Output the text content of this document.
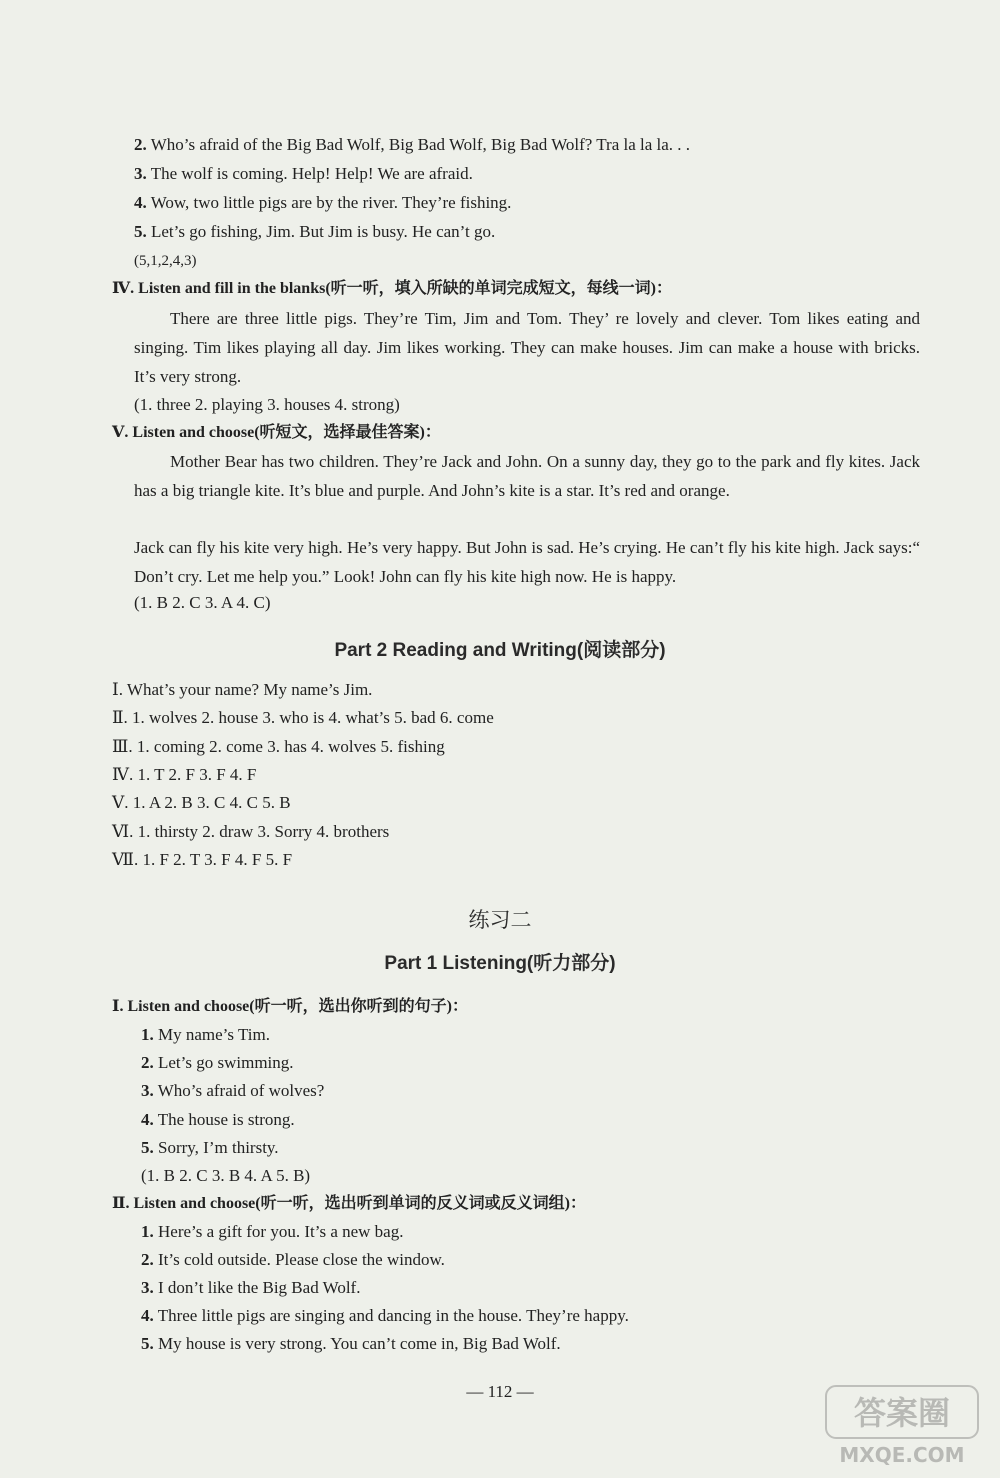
2. Who’s afraid of the Big Bad Wolf, Big Bad Wolf, Big Bad Wolf? Tra la la la. . .
3. The wolf is coming. Help! Help! We are afraid.
4. Wow, two little pigs are by the river. They’re fishing.
5. Let’s go fishing, Jim. But Jim is busy. He can’t go.
(5,1,2,4,3)
Ⅳ. Listen and fill in the blanks(听一听，填入所缺的单词完成短文，每线一词)：
There are three little pigs. They’re Tim, Jim and Tom. They’ re lovely and clever. Tom likes eating and singing. Tim likes playing all day. Jim likes working. They can make houses. Jim can make a house with bricks. It’s very strong.
(1. three 2. playing 3. houses 4. strong)
Ⅴ. Listen and choose(听短文，选择最佳答案)：
Mother Bear has two children. They’re Jack and John. On a sunny day, they go to the park and fly kites. Jack has a big triangle kite. It’s blue and purple. And John’s kite is a star. It’s red and orange.
Jack can fly his kite very high. He’s very happy. But John is sad. He’s crying. He can’t fly his kite high. Jack says:“ Don’t cry. Let me help you.” Look! John can fly his kite high now. He is happy.
(1. B 2. C 3. A 4. C)
Part 2 Reading and Writing(阅读部分)
Ⅰ. What’s your name? My name’s Jim.
Ⅱ. 1. wolves 2. house 3. who is 4. what’s 5. bad 6. come
Ⅲ. 1. coming 2. come 3. has 4. wolves 5. fishing
Ⅳ. 1. T 2. F 3. F 4. F
Ⅴ. 1. A 2. B 3. C 4. C 5. B
Ⅵ. 1. thirsty 2. draw 3. Sorry 4. brothers
Ⅶ. 1. F 2. T 3. F 4. F 5. F
练习二
Part 1 Listening(听力部分)
Ⅰ. Listen and choose(听一听，选出你听到的句子)：
1. My name’s Tim.
2. Let’s go swimming.
3. Who’s afraid of wolves?
4. The house is strong.
5. Sorry, I’m thirsty.
(1. B 2. C 3. B 4. A 5. B)
Ⅱ. Listen and choose(听一听，选出听到单词的反义词或反义词组)：
1. Here’s a gift for you. It’s a new bag.
2. It’s cold outside. Please close the window.
3. I don’t like the Big Bad Wolf.
4. Three little pigs are singing and dancing in the house. They’re happy.
5. My house is very strong. You can’t come in, Big Bad Wolf.
— 112 —
答案圈
MXQE.COM
